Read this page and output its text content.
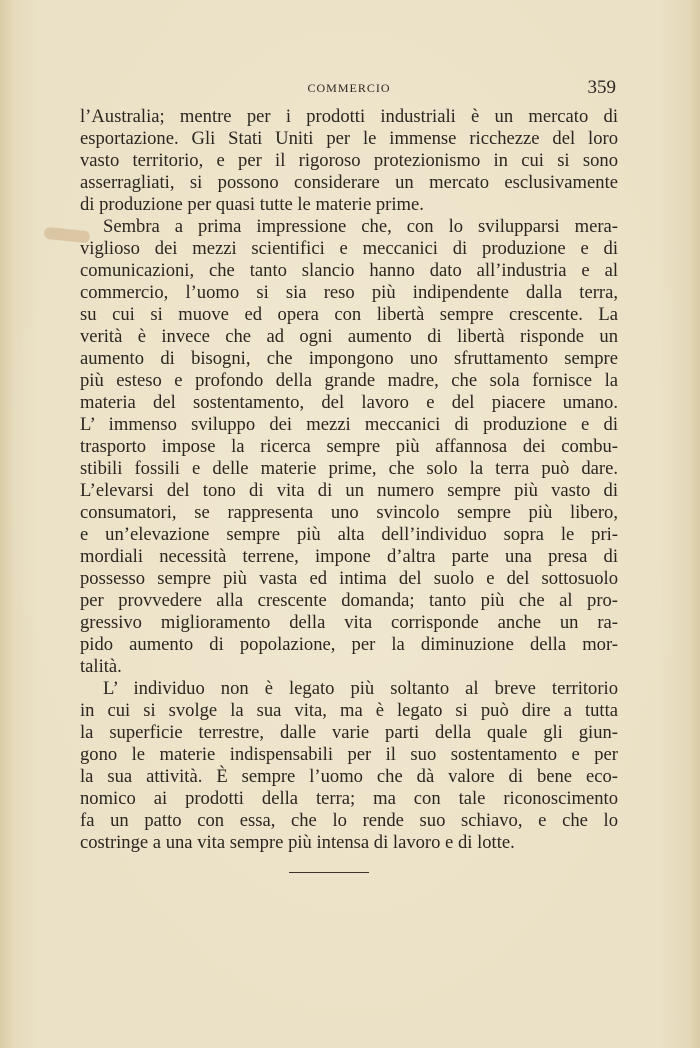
COMMERCIO	359
l’Australia; mentre per i prodotti industriali è un mercato di
esportazione. Gli Stati Uniti per le immense ricchezze del loro
vasto territorio, e per il rigoroso protezionismo in cui si sono
asserragliati, si possono considerare un mercato esclusivamente
di produzione per quasi tutte le materie prime.
Sembra a prima impressione che, con lo svilupparsi mera-
viglioso dei mezzi scientifici e meccanici di produzione e di
comunicazioni, che tanto slancio hanno dato all’industria e al
commercio, l’uomo si sia reso più indipendente dalla terra,
su cui si muove ed opera con libertà sempre crescente. La
verità è invece che ad ogni aumento di libertà risponde un
aumento di bisogni, che impongono uno sfruttamento sempre
più esteso e profondo della grande madre, che sola fornisce la
materia del sostentamento, del lavoro e del piacere umano.
L’ immenso sviluppo dei mezzi meccanici di produzione e di
trasporto impose la ricerca sempre più affannosa dei combu-
stibili fossili e delle materie prime, che solo la terra può dare.
L’elevarsi del tono di vita di un numero sempre più vasto di
consumatori, se rappresenta uno svincolo sempre più libero,
e un’elevazione sempre più alta dell’individuo sopra le pri-
mordiali necessità terrene, impone d’altra parte una presa di
possesso sempre più vasta ed intima del suolo e del sottosuolo
per provvedere alla crescente domanda; tanto più che al pro-
gressivo miglioramento della vita corrisponde anche un ra-
pido aumento di popolazione, per la diminuzione della mor-
talità.
L’ individuo non è legato più soltanto al breve territorio
in cui si svolge la sua vita, ma è legato si può dire a tutta
la superficie terrestre, dalle varie parti della quale gli giun-
gono le materie indispensabili per il suo sostentamento e per
la sua attività. È sempre l’uomo che dà valore di bene eco-
nomico ai prodotti della terra; ma con tale riconoscimento
fa un patto con essa, che lo rende suo schiavo, e che lo
costringe a una vita sempre più intensa di lavoro e di lotte.
